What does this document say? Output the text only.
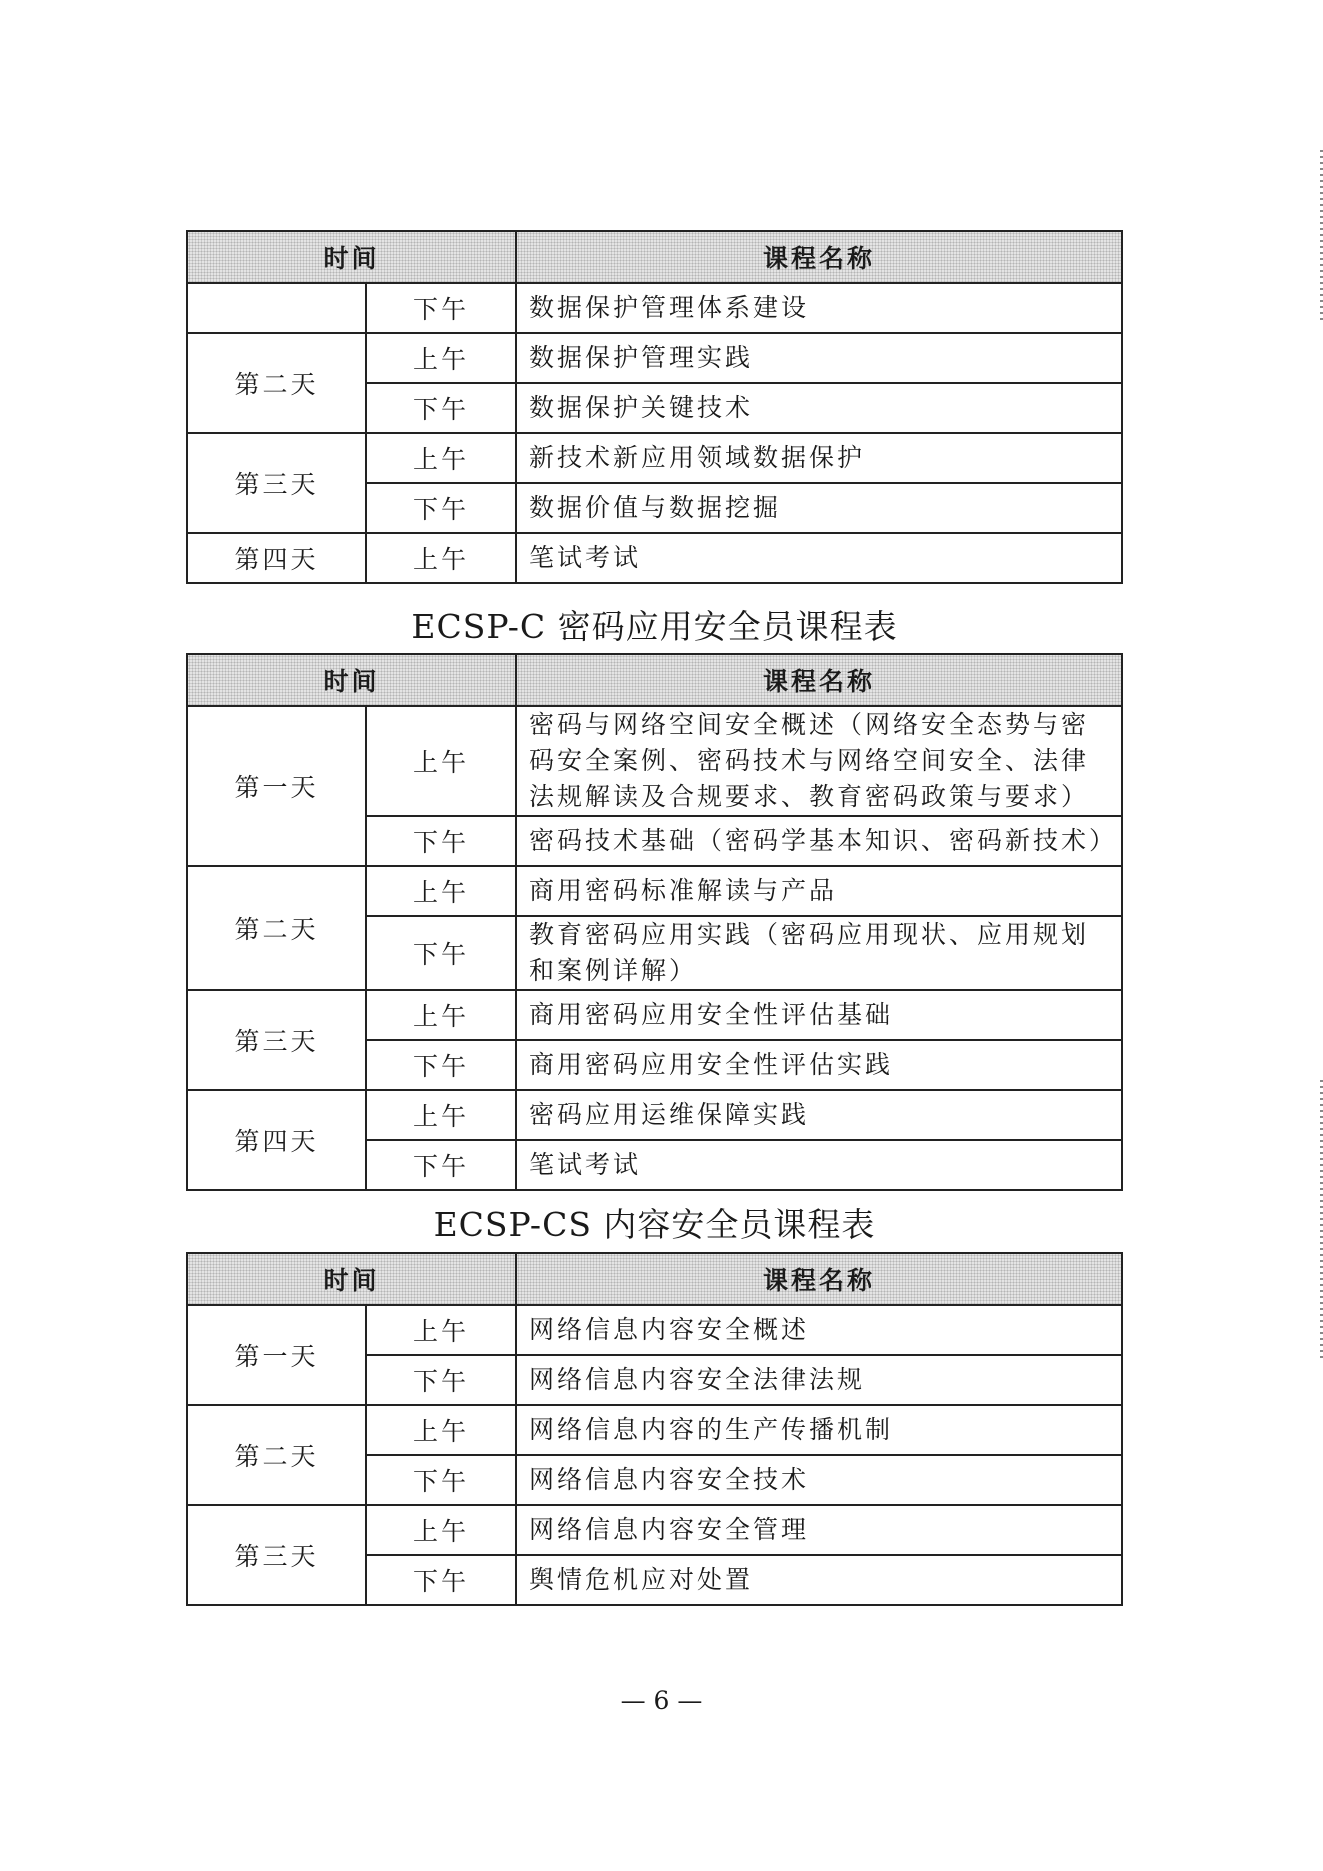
时间		课程名称
	下午	数据保护管理体系建设
第二天	上午	数据保护管理实践
	下午	数据保护关键技术
第三天	上午	新技术新应用领域数据保护
	下午	数据价值与数据挖掘
第四天	上午	笔试考试
ECSP-C 密码应用安全员课程表
时间		课程名称
第一天	上午	密码与网络空间安全概述（网络安全态势与密码安全案例、密码技术与网络空间安全、法律法规解读及合规要求、教育密码政策与要求）
	下午	密码技术基础（密码学基本知识、密码新技术）
第二天	上午	商用密码标准解读与产品
	下午	教育密码应用实践（密码应用现状、应用规划和案例详解）
第三天	上午	商用密码应用安全性评估基础
	下午	商用密码应用安全性评估实践
第四天	上午	密码应用运维保障实践
	下午	笔试考试
ECSP-CS 内容安全员课程表
时间		课程名称
第一天	上午	网络信息内容安全概述
	下午	网络信息内容安全法律法规
第二天	上午	网络信息内容的生产传播机制
	下午	网络信息内容安全技术
第三天	上午	网络信息内容安全管理
	下午	舆情危机应对处置
— 6 —
